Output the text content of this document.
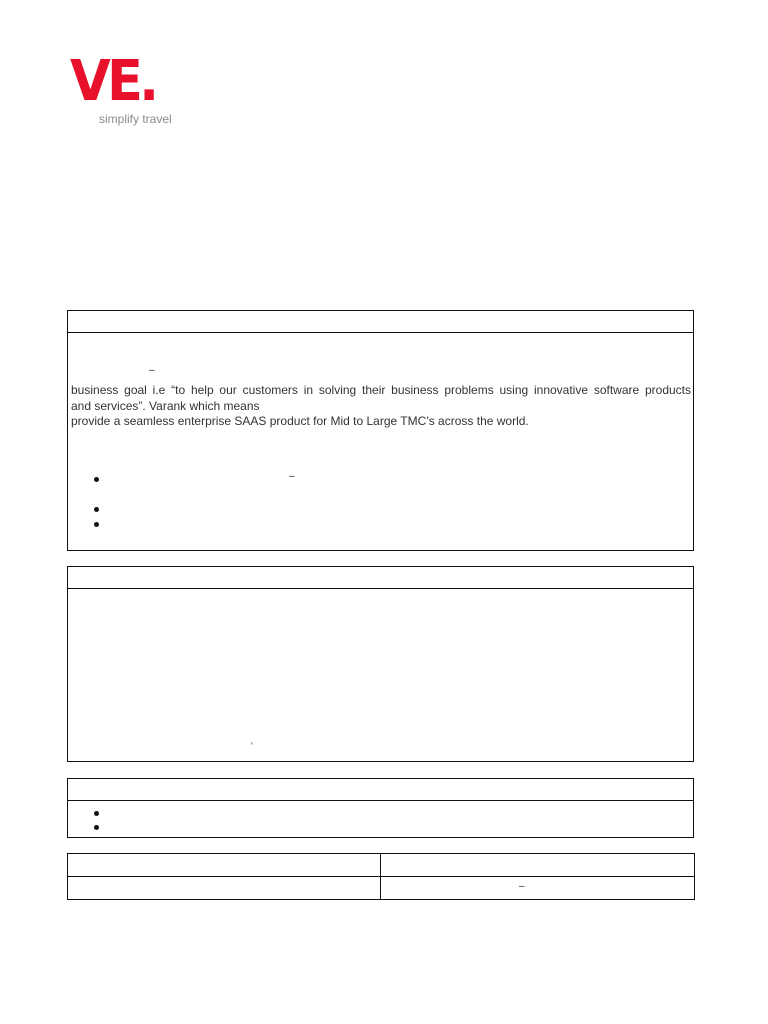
VE.
simplify travel
–
business goal i.e “to help our customers in solving their business problems using innovative software products
and services”. Varank which means
provide a seamless enterprise SAAS product for Mid to Large TMC’s across the world.
–
'
–
